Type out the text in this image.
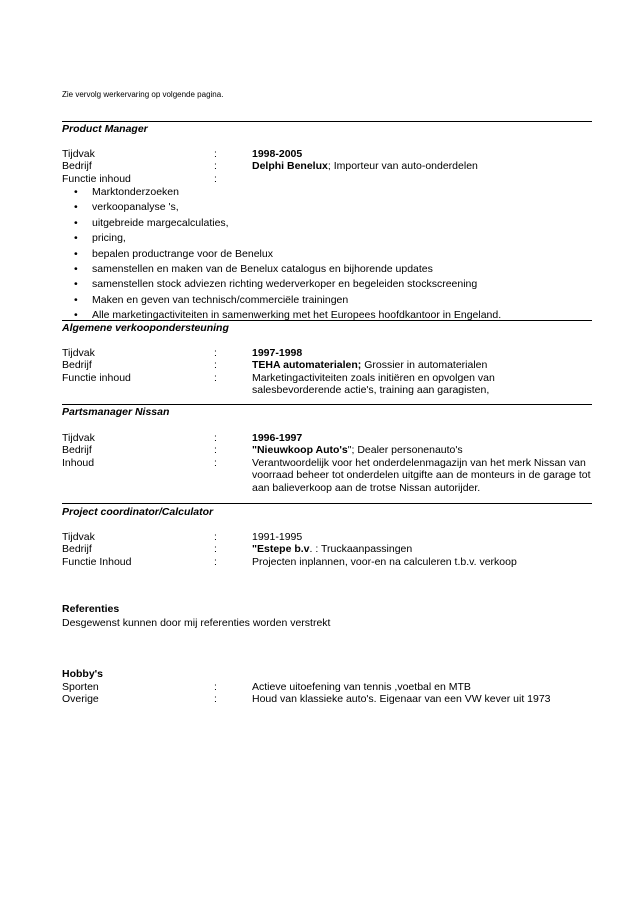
Zie vervolg werkervaring op volgende pagina.
Product Manager
Tijdvak	:	1998-2005
Bedrijf	:	Delphi Benelux; Importeur van auto-onderdelen
Functie inhoud	:
• Marktonderzoeken
• verkoopanalyse 's,
• uitgebreide margecalculaties,
• pricing,
• bepalen productrange voor de Benelux
• samenstellen en maken van de Benelux catalogus en bijhorende updates
• samenstellen stock adviezen richting wederverkoper en begeleiden stockscreening
• Maken en geven van technisch/commerciële trainingen
• Alle marketingactiviteiten in samenwerking met het Europees hoofdkantoor in Engeland.
Algemene verkoopondersteuning
Tijdvak	:	1997-1998
Bedrijf	:	TEHA automaterialen; Grossier in automaterialen
Functie inhoud	:	Marketingactiviteiten zoals initiëren en opvolgen van
salesbevorderende actie's, training aan garagisten,
Partsmanager Nissan
Tijdvak	:	1996-1997
Bedrijf	:	"Nieuwkoop Auto's"; Dealer personenauto's
Inhoud	:	Verantwoordelijk voor het onderdelenmagazijn van het merk Nissan van
voorraad beheer tot onderdelen uitgifte aan de monteurs in de garage tot
aan balieverkoop aan de trotse Nissan autorijder.
Project coordinator/Calculator
Tijdvak	:	1991-1995
Bedrijf	:	"Estepe b.v. : Truckaanpassingen
Functie Inhoud	:	Projecten inplannen, voor-en na calculeren t.b.v. verkoop
Referenties
Desgewenst kunnen door mij referenties worden verstrekt
Hobby's
Sporten	:	Actieve uitoefening van tennis ,voetbal en MTB
Overige	:	Houd van klassieke auto's. Eigenaar van een VW kever uit 1973
